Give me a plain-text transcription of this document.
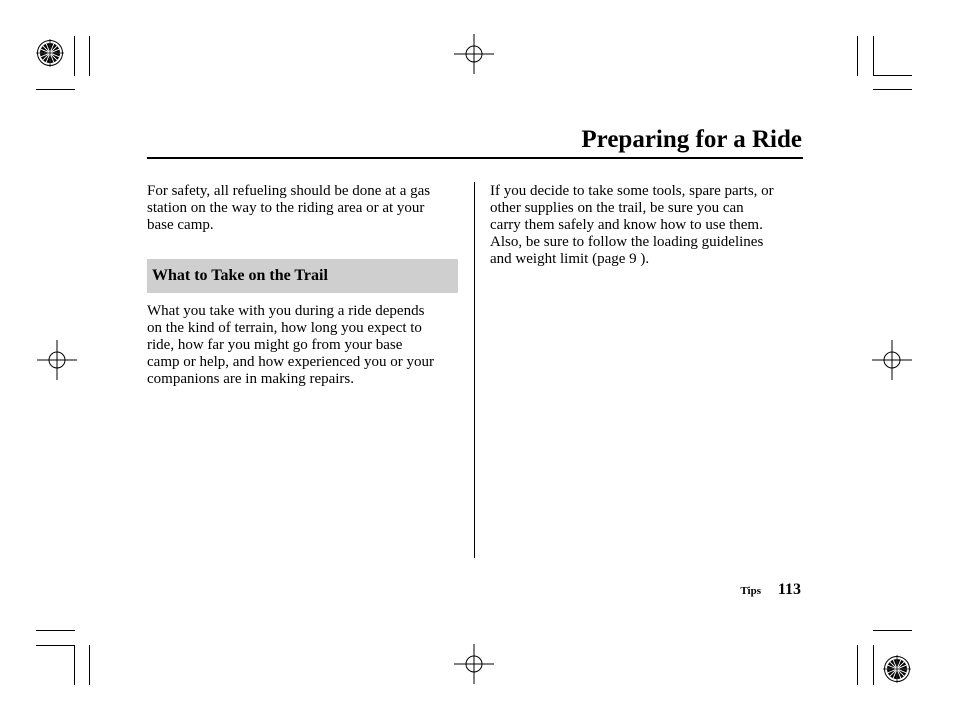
Preparing for a Ride

For safety, all refueling should be done at a gas
station on the way to the riding area or at your
base camp.

What to Take on the Trail

What you take with you during a ride depends
on the kind of terrain, how long you expect to
ride, how far you might go from your base
camp or help, and how experienced you or your
companions are in making repairs.

If you decide to take some tools, spare parts, or
other supplies on the trail, be sure you can
carry them safely and know how to use them.
Also, be sure to follow the loading guidelines
and weight limit (page 9 ).

Tips 113
